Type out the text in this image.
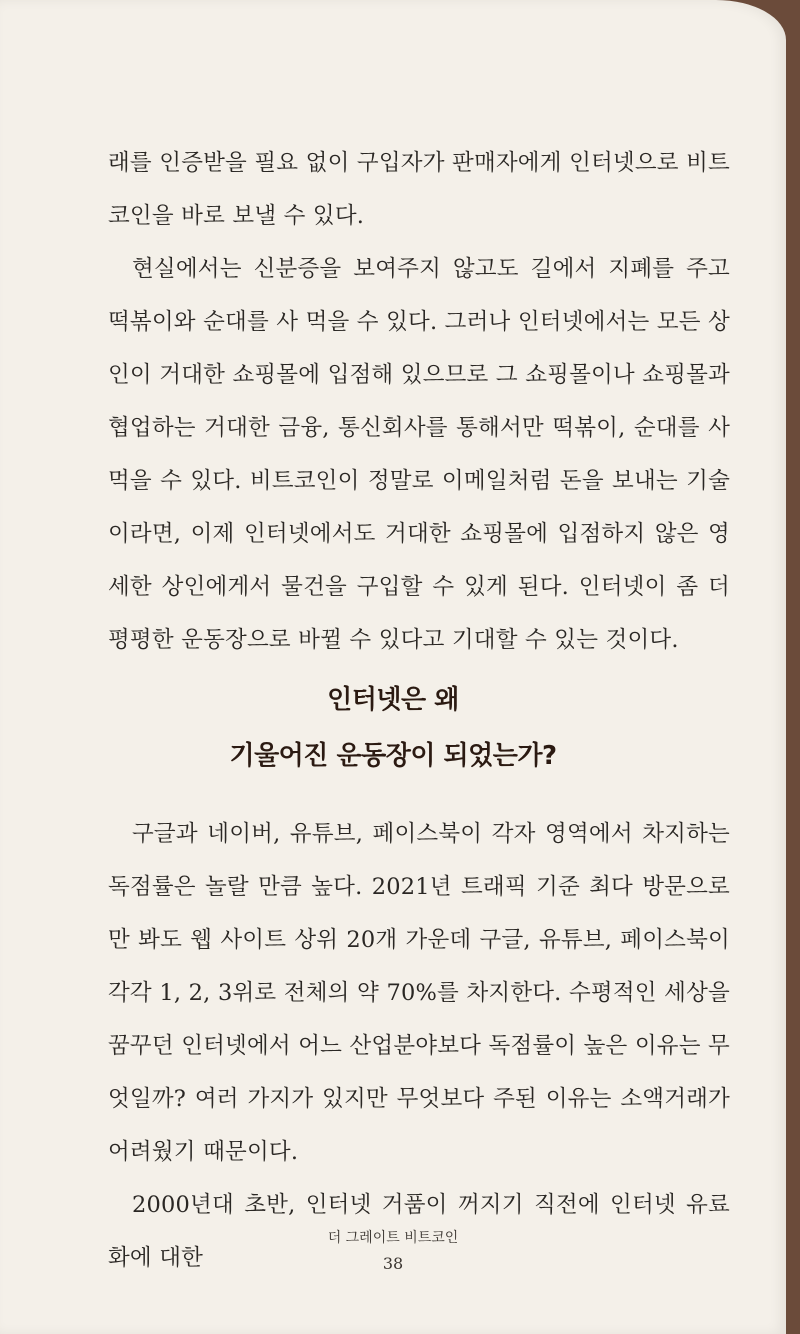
래를 인증받을 필요 없이 구입자가 판매자에게 인터넷으로 비트코인을 바로 보낼 수 있다.

현실에서는 신분증을 보여주지 않고도 길에서 지폐를 주고 떡볶이와 순대를 사 먹을 수 있다. 그러나 인터넷에서는 모든 상인이 거대한 쇼핑몰에 입점해 있으므로 그 쇼핑몰이나 쇼핑몰과 협업하는 거대한 금융, 통신회사를 통해서만 떡볶이, 순대를 사 먹을 수 있다. 비트코인이 정말로 이메일처럼 돈을 보내는 기술이라면, 이제 인터넷에서도 거대한 쇼핑몰에 입점하지 않은 영세한 상인에게서 물건을 구입할 수 있게 된다. 인터넷이 좀 더 평평한 운동장으로 바뀔 수 있다고 기대할 수 있는 것이다.

인터넷은 왜
기울어진 운동장이 되었는가?

구글과 네이버, 유튜브, 페이스북이 각자 영역에서 차지하는 독점률은 놀랄 만큼 높다. 2021년 트래픽 기준 최다 방문으로만 봐도 웹 사이트 상위 20개 가운데 구글, 유튜브, 페이스북이 각각 1, 2, 3위로 전체의 약 70%를 차지한다. 수평적인 세상을 꿈꾸던 인터넷에서 어느 산업분야보다 독점률이 높은 이유는 무엇일까? 여러 가지가 있지만 무엇보다 주된 이유는 소액거래가 어려웠기 때문이다.

2000년대 초반, 인터넷 거품이 꺼지기 직전에 인터넷 유료화에 대한

더 그레이트 비트코인
38
